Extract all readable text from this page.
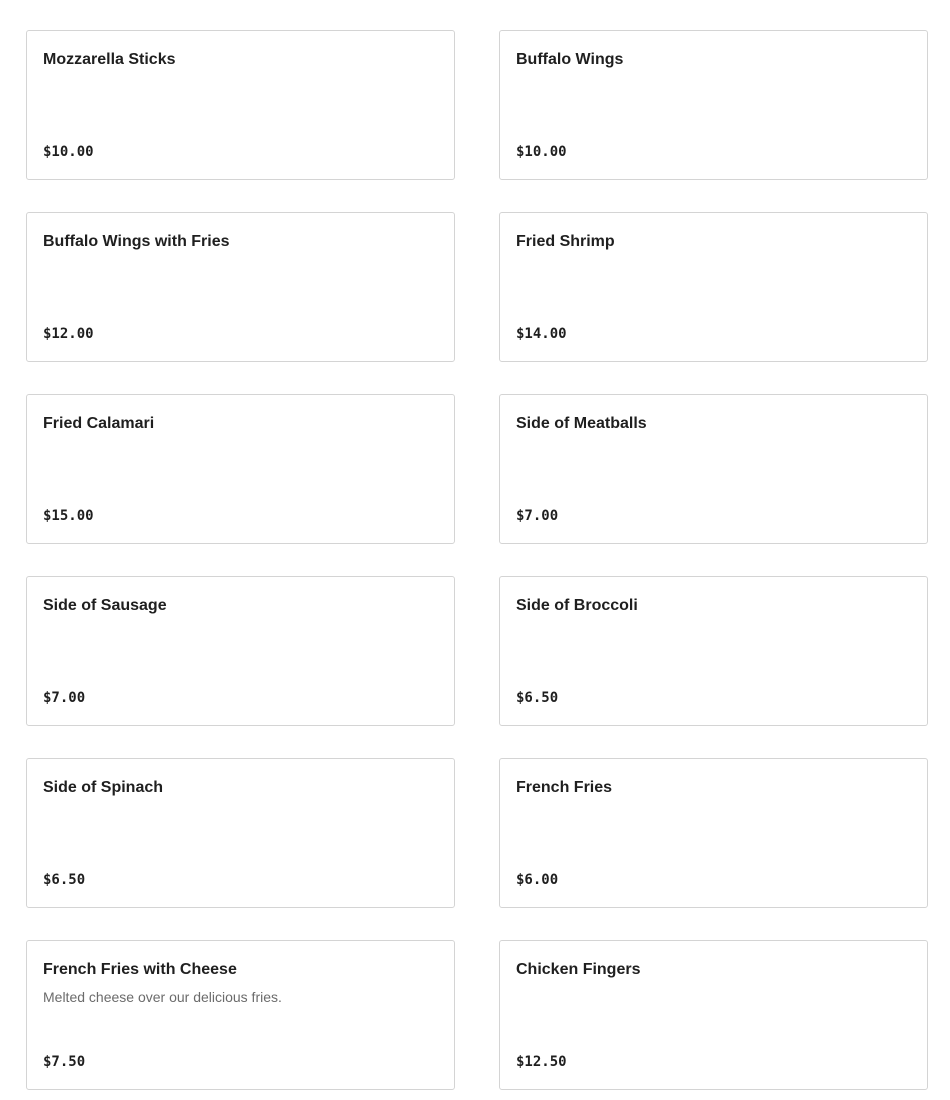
Mozzarella Sticks
$10.00
Buffalo Wings
$10.00
Buffalo Wings with Fries
$12.00
Fried Shrimp
$14.00
Fried Calamari
$15.00
Side of Meatballs
$7.00
Side of Sausage
$7.00
Side of Broccoli
$6.50
Side of Spinach
$6.50
French Fries
$6.00
French Fries with Cheese
Melted cheese over our delicious fries.
$7.50
Chicken Fingers
$12.50
